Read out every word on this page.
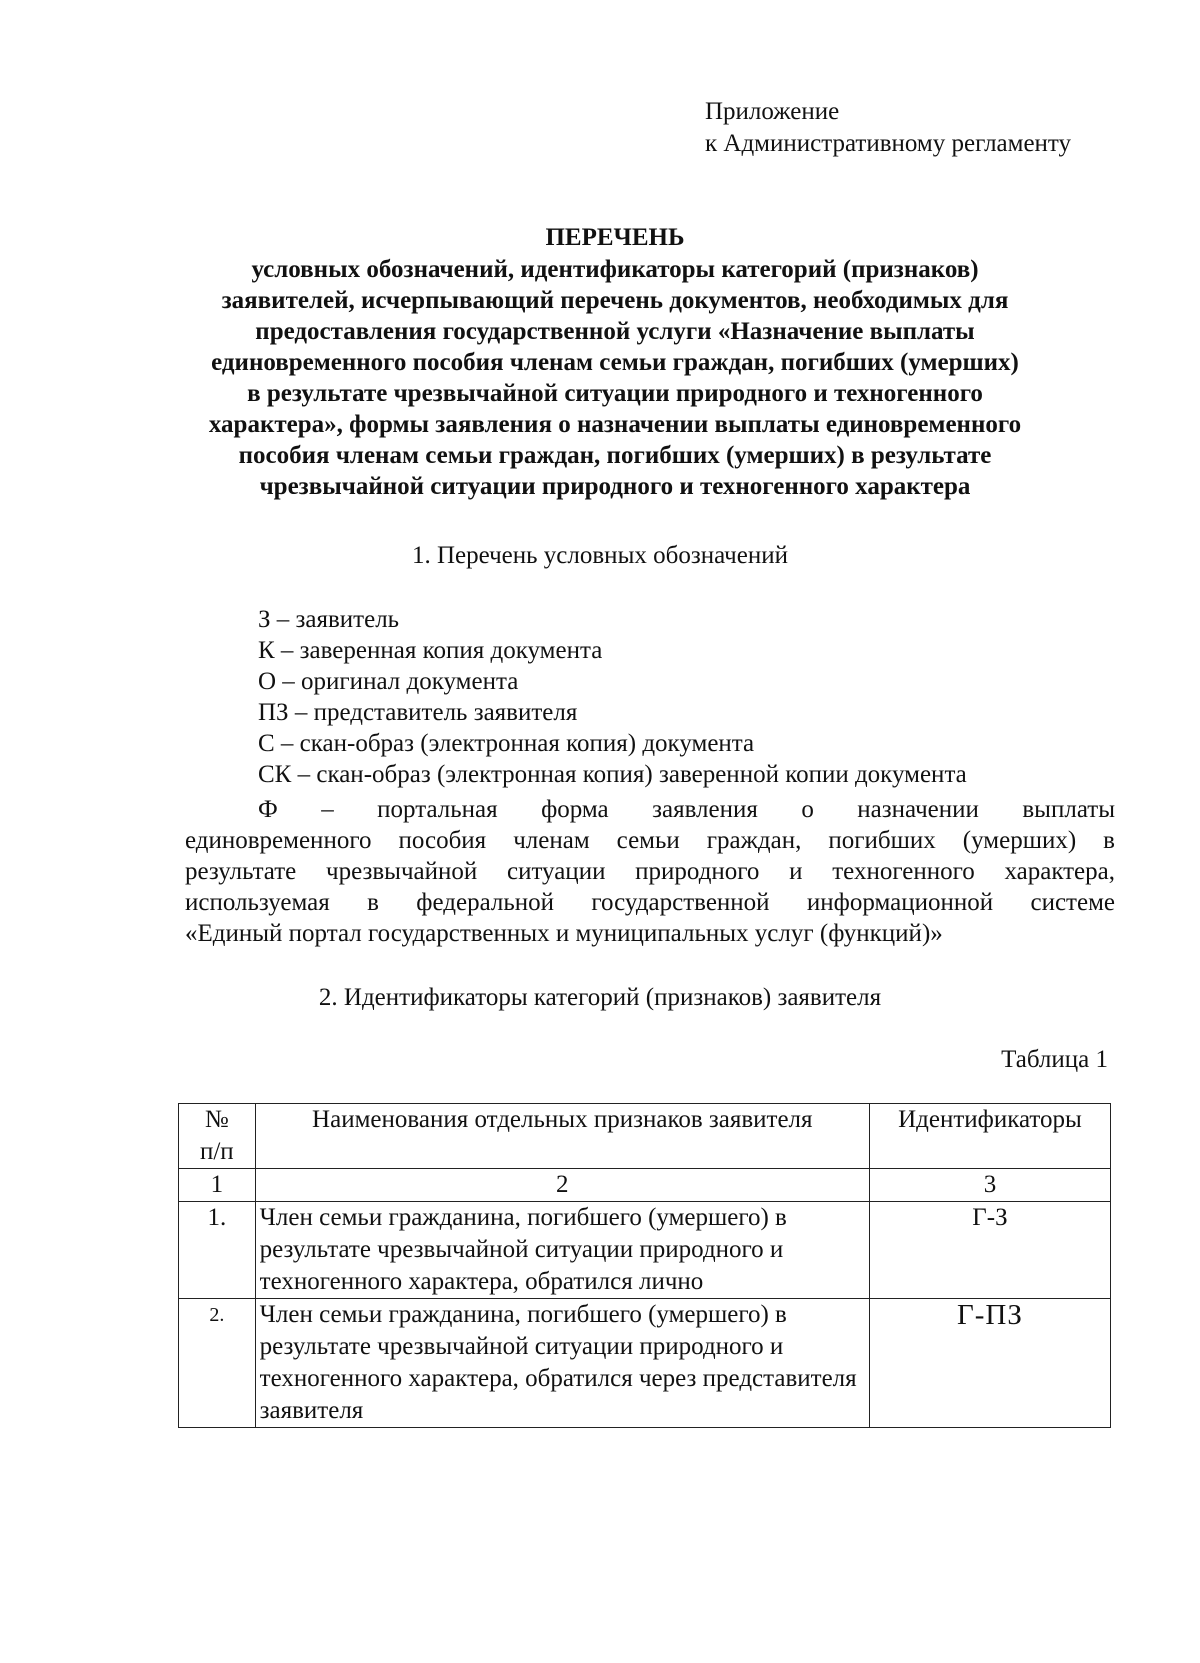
Приложение
к Административному регламенту
ПЕРЕЧЕНЬ
условных обозначений, идентификаторы категорий (признаков)
заявителей, исчерпывающий перечень документов, необходимых для
предоставления государственной услуги «Назначение выплаты
единовременного пособия членам семьи граждан, погибших (умерших)
в результате чрезвычайной ситуации природного и техногенного
характера», формы заявления о назначении выплаты единовременного
пособия членам семьи граждан, погибших (умерших) в результате
чрезвычайной ситуации природного и техногенного характера
1. Перечень условных обозначений
З – заявитель
К – заверенная копия документа
О – оригинал документа
ПЗ – представитель заявителя
С – скан-образ (электронная копия) документа
СК – скан-образ (электронная копия) заверенной копии документа
Ф – портальная форма заявления о назначении выплаты
единовременного пособия членам семьи граждан, погибших (умерших) в
результате чрезвычайной ситуации природного и техногенного характера,
используемая в федеральной государственной информационной системе
«Единый портал государственных и муниципальных услуг (функций)»
2. Идентификаторы категорий (признаков) заявителя
Таблица 1
№
п/п	Наименования отдельных признаков заявителя	Идентификаторы
1	2	3
1.	Член семьи гражданина, погибшего (умершего) в результате чрезвычайной ситуации природного и техногенного характера, обратился лично	Г-З
2.	Член семьи гражданина, погибшего (умершего) в результате чрезвычайной ситуации природного и техногенного характера, обратился через представителя заявителя	Г-ПЗ
